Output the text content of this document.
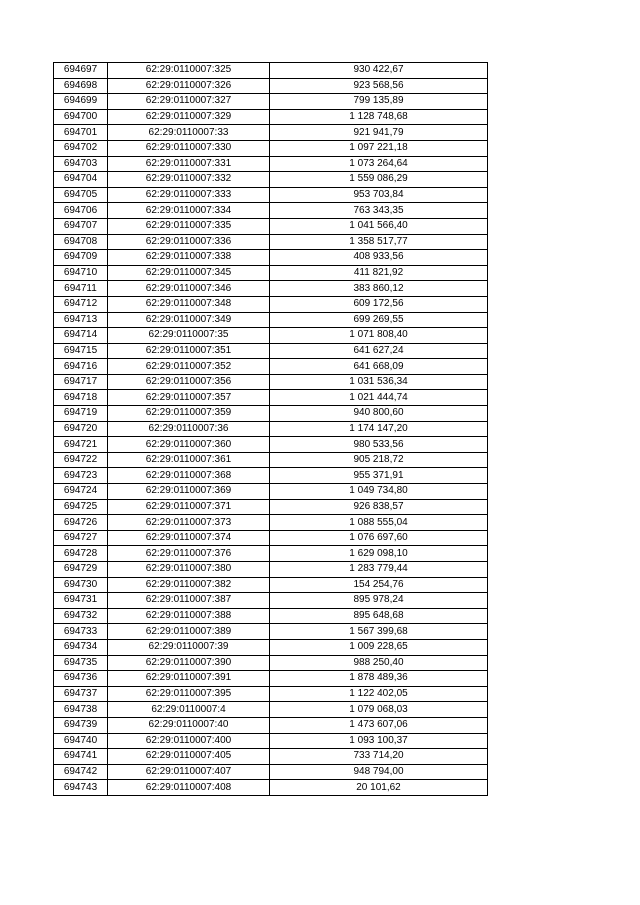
694697	62:29:0110007:325	930 422,67
694698	62:29:0110007:326	923 568,56
694699	62:29:0110007:327	799 135,89
694700	62:29:0110007:329	1 128 748,68
694701	62:29:0110007:33	921 941,79
694702	62:29:0110007:330	1 097 221,18
694703	62:29:0110007:331	1 073 264,64
694704	62:29:0110007:332	1 559 086,29
694705	62:29:0110007:333	953 703,84
694706	62:29:0110007:334	763 343,35
694707	62:29:0110007:335	1 041 566,40
694708	62:29:0110007:336	1 358 517,77
694709	62:29:0110007:338	408 933,56
694710	62:29:0110007:345	411 821,92
694711	62:29:0110007:346	383 860,12
694712	62:29:0110007:348	609 172,56
694713	62:29:0110007:349	699 269,55
694714	62:29:0110007:35	1 071 808,40
694715	62:29:0110007:351	641 627,24
694716	62:29:0110007:352	641 668,09
694717	62:29:0110007:356	1 031 536,34
694718	62:29:0110007:357	1 021 444,74
694719	62:29:0110007:359	940 800,60
694720	62:29:0110007:36	1 174 147,20
694721	62:29:0110007:360	980 533,56
694722	62:29:0110007:361	905 218,72
694723	62:29:0110007:368	955 371,91
694724	62:29:0110007:369	1 049 734,80
694725	62:29:0110007:371	926 838,57
694726	62:29:0110007:373	1 088 555,04
694727	62:29:0110007:374	1 076 697,60
694728	62:29:0110007:376	1 629 098,10
694729	62:29:0110007:380	1 283 779,44
694730	62:29:0110007:382	154 254,76
694731	62:29:0110007:387	895 978,24
694732	62:29:0110007:388	895 648,68
694733	62:29:0110007:389	1 567 399,68
694734	62:29:0110007:39	1 009 228,65
694735	62:29:0110007:390	988 250,40
694736	62:29:0110007:391	1 878 489,36
694737	62:29:0110007:395	1 122 402,05
694738	62:29:0110007:4	1 079 068,03
694739	62:29:0110007:40	1 473 607,06
694740	62:29:0110007:400	1 093 100,37
694741	62:29:0110007:405	733 714,20
694742	62:29:0110007:407	948 794,00
694743	62:29:0110007:408	20 101,62
